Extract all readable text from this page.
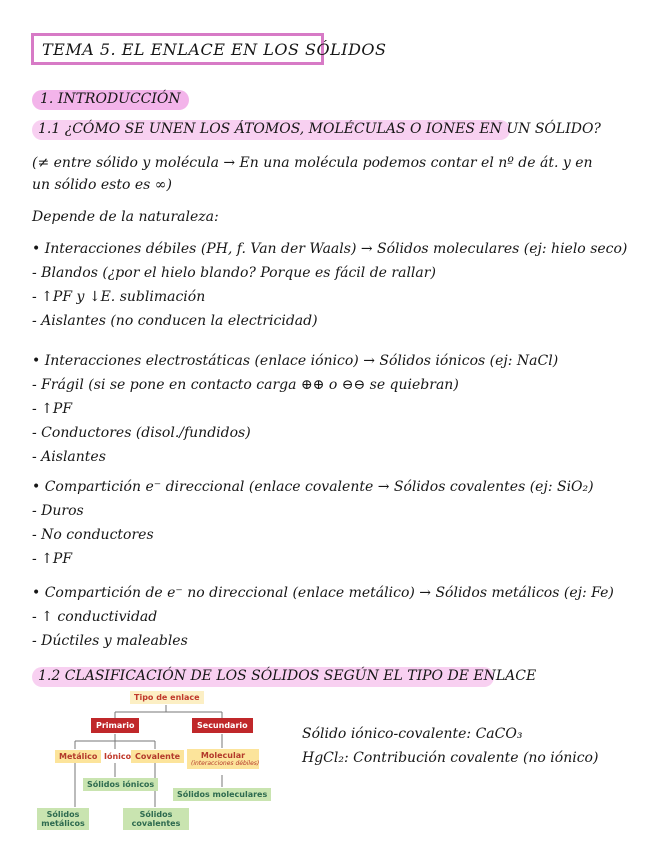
TEMA 5. EL ENLACE EN LOS SÓLIDOS
1. INTRODUCCIÓN
1.1 ¿CÓMO SE UNEN LOS ÁTOMOS, MOLÉCULAS O IONES EN UN SÓLIDO?
(≠ entre sólido y molécula → En una molécula podemos contar el nº de át. y en
un sólido esto es ∞)
Depende de la naturaleza:
• Interacciones débiles (PH, f. Van der Waals) → Sólidos moleculares (ej: hielo seco)
- Blandos (¿por el hielo blando? Porque es fácil de rallar)
- ↑PF y ↓E. sublimación
- Aislantes (no conducen la electricidad)
• Interacciones electrostáticas (enlace iónico) → Sólidos iónicos (ej: NaCl)
- Frágil (si se pone en contacto carga ⊕⊕ o ⊖⊖ se quiebran)
- ↑PF
- Conductores (disol./fundidos)
- Aislantes
• Compartición e⁻ direccional (enlace covalente → Sólidos covalentes (ej: SiO₂)
- Duros
- No conductores
- ↑PF
• Compartición de e⁻ no direccional (enlace metálico) → Sólidos metálicos (ej: Fe)
- ↑ conductividad
- Dúctiles y maleables
1.2 CLASIFICACIÓN DE LOS SÓLIDOS SEGÚN EL TIPO DE ENLACE
Tipo de enlace
Primario	Secundario
Metálico Iónico Covalente	Molecular
(interacciones débiles)
Sólidos iónicos
Sólidos moleculares
Sólidos metálicos
Sólidos covalentes
Sólido iónico-covalente: CaCO₃
HgCl₂: Contribución covalente (no iónico)
